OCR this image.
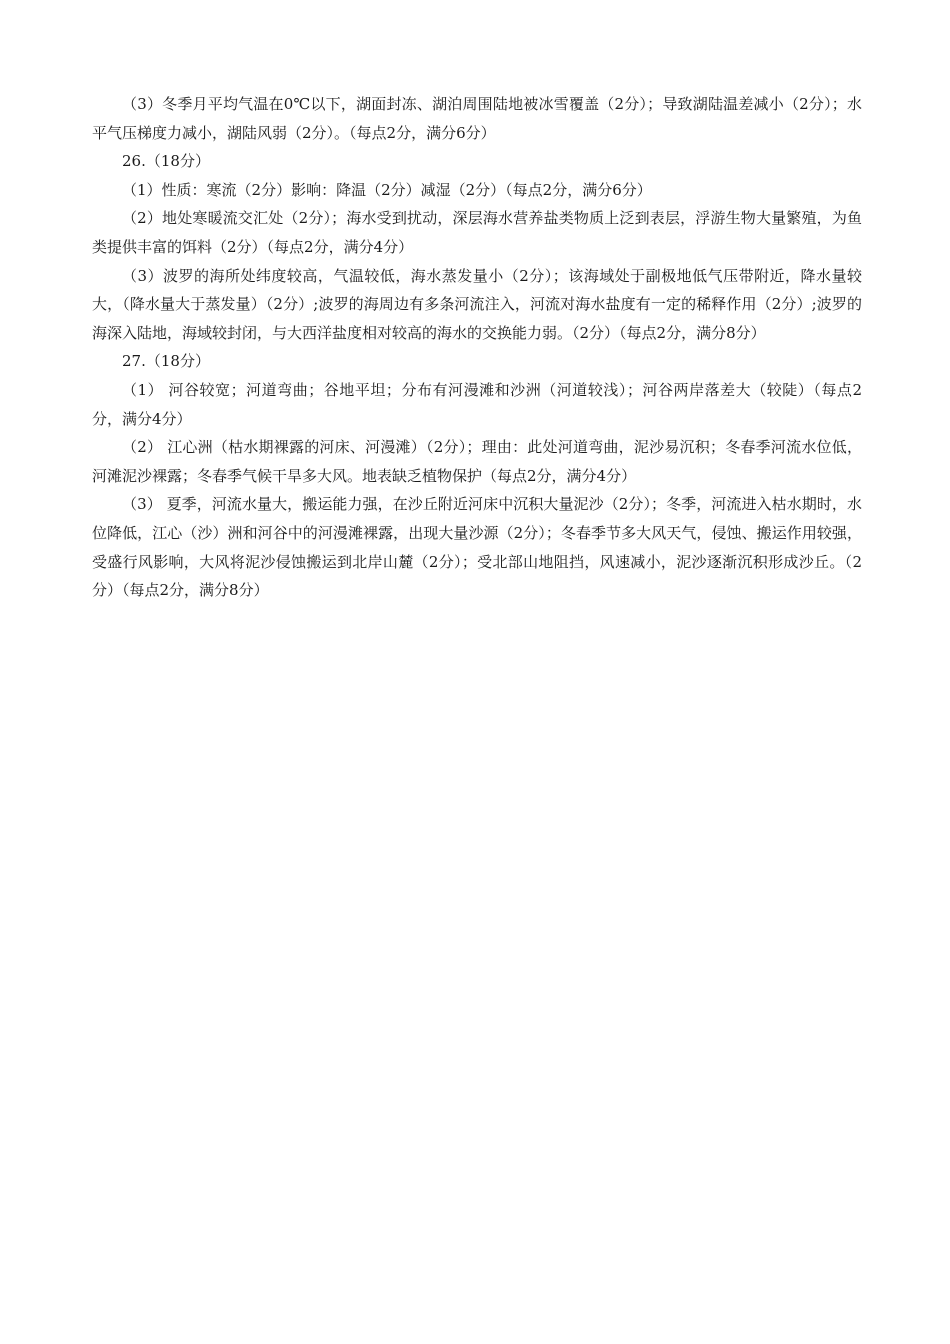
（3）冬季月平均气温在0℃以下，湖面封冻、湖泊周围陆地被冰雪覆盖（2分）；导致湖陆温差减小（2分）；水平气压梯度力减小，湖陆风弱（2分）。（每点2分，满分6分）

26.（18分）

（1）性质：寒流（2分）影响：降温（2分）减湿（2分）（每点2分，满分6分）

（2）地处寒暖流交汇处（2分）；海水受到扰动，深层海水营养盐类物质上泛到表层，浮游生物大量繁殖，为鱼类提供丰富的饵料（2分）（每点2分，满分4分）

（3）波罗的海所处纬度较高，气温较低，海水蒸发量小（2分）；该海域处于副极地低气压带附近，降水量较大，（降水量大于蒸发量）（2分）;波罗的海周边有多条河流注入，河流对海水盐度有一定的稀释作用（2分）;波罗的海深入陆地，海域较封闭，与大西洋盐度相对较高的海水的交换能力弱。（2分）（每点2分，满分8分）

27.（18分）

（1） 河谷较宽；河道弯曲；谷地平坦；分布有河漫滩和沙洲（河道较浅）；河谷两岸落差大（较陡）（每点2分，满分4分）

（2） 江心洲（枯水期裸露的河床、河漫滩）（2分）；理由：此处河道弯曲，泥沙易沉积；冬春季河流水位低，河滩泥沙裸露；冬春季气候干旱多大风。地表缺乏植物保护（每点2分，满分4分）

（3） 夏季，河流水量大，搬运能力强，在沙丘附近河床中沉积大量泥沙（2分）；冬季，河流进入枯水期时，水位降低，江心（沙）洲和河谷中的河漫滩裸露，出现大量沙源（2分）；冬春季节多大风天气，侵蚀、搬运作用较强，受盛行风影响，大风将泥沙侵蚀搬运到北岸山麓（2分）；受北部山地阻挡，风速减小，泥沙逐渐沉积形成沙丘。（2分）（每点2分，满分8分）
